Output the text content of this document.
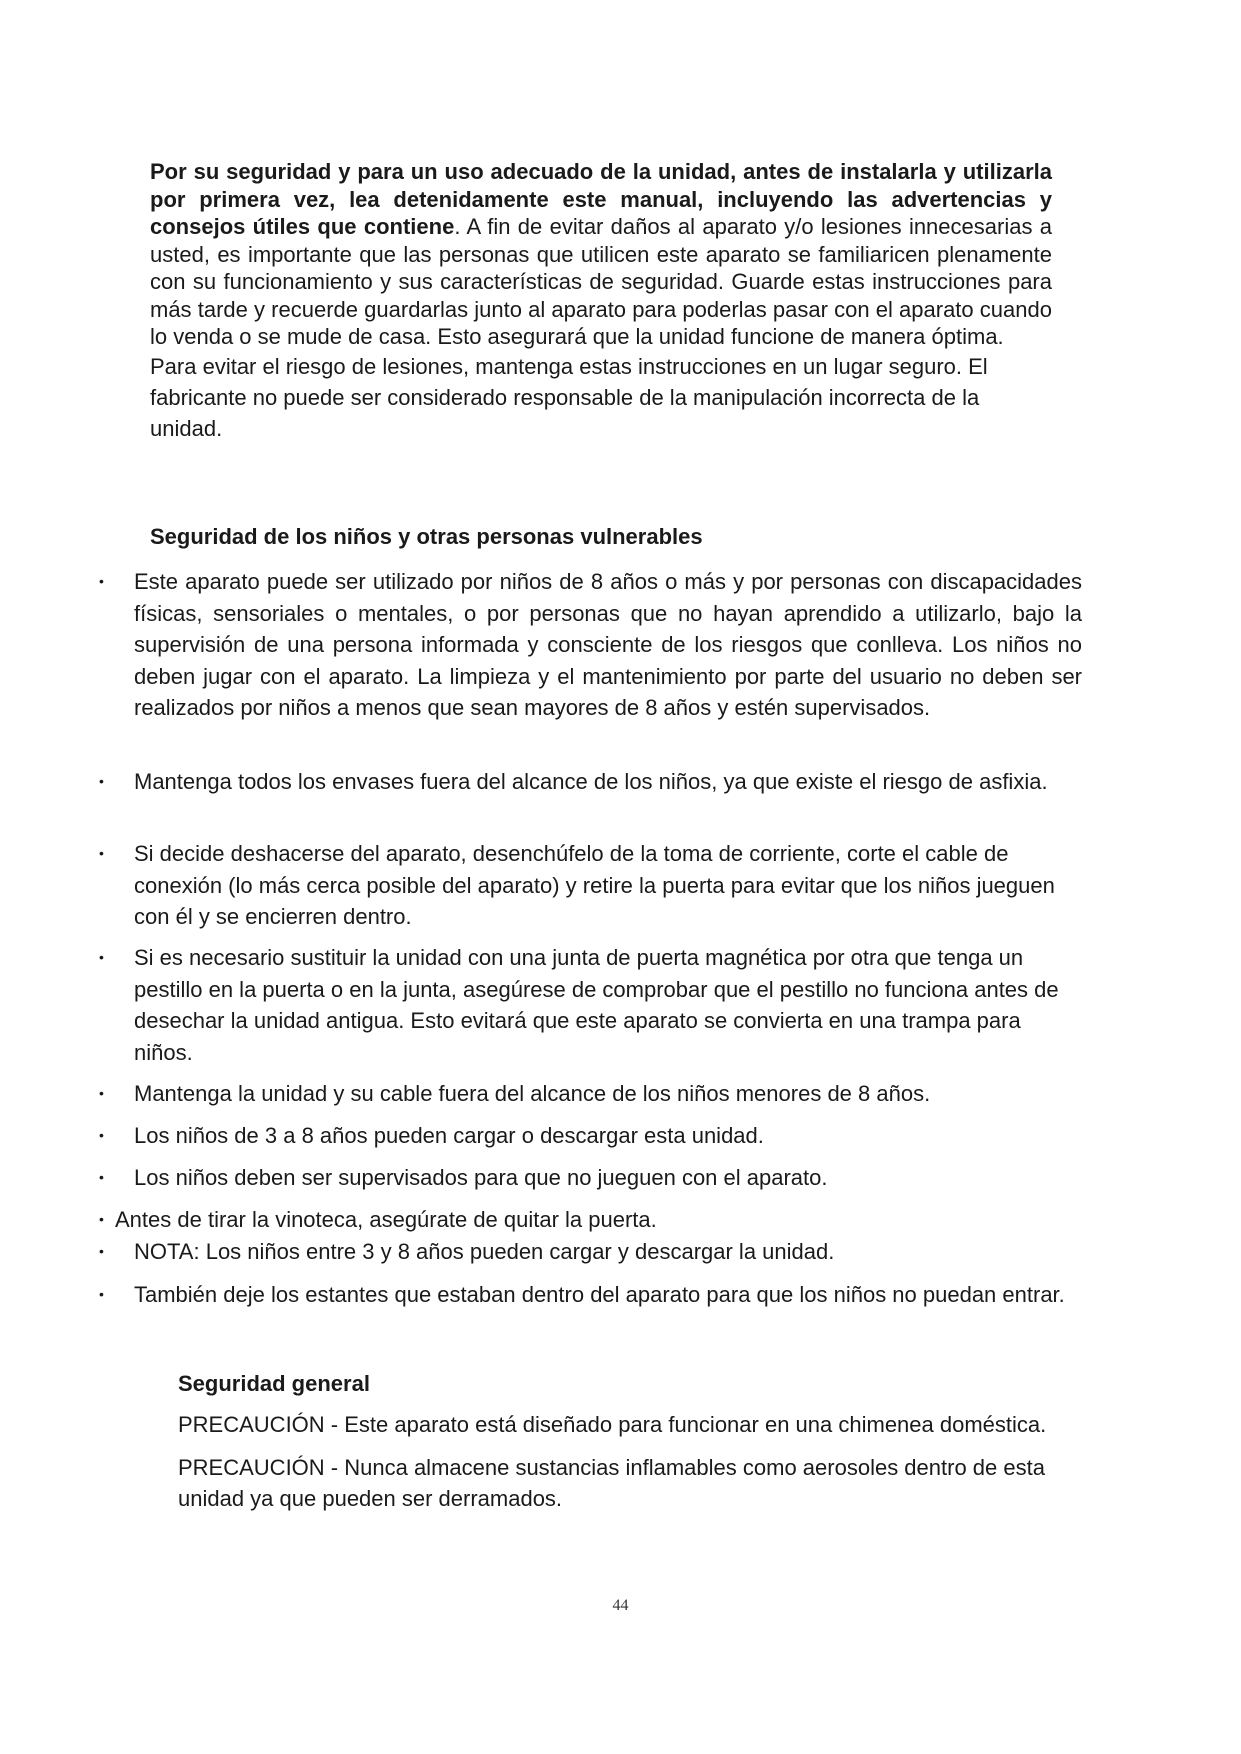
Por su seguridad y para un uso adecuado de la unidad, antes de instalarla y utilizarla por primera vez, lea detenidamente este manual, incluyendo las advertencias y consejos útiles que contiene. A fin de evitar daños al aparato y/o lesiones innecesarias a usted, es importante que las personas que utilicen este aparato se familiaricen plenamente con su funcionamiento y sus características de seguridad. Guarde estas instrucciones para más tarde y recuerde guardarlas junto al aparato para poderlas pasar con el aparato cuando lo venda o se mude de casa. Esto asegurará que la unidad funcione de manera óptima.

Para evitar el riesgo de lesiones, mantenga estas instrucciones en un lugar seguro. El fabricante no puede ser considerado responsable de la manipulación incorrecta de la unidad.

Seguridad de los niños y otras personas vulnerables
• Este aparato puede ser utilizado por niños de 8 años o más y por personas con discapacidades físicas, sensoriales o mentales, o por personas que no hayan aprendido a utilizarlo, bajo la supervisión de una persona informada y consciente de los riesgos que conlleva. Los niños no deben jugar con el aparato. La limpieza y el mantenimiento por parte del usuario no deben ser realizados por niños a menos que sean mayores de 8 años y estén supervisados.
• Mantenga todos los envases fuera del alcance de los niños, ya que existe el riesgo de asfixia.
• Si decide deshacerse del aparato, desenchúfelo de la toma de corriente, corte el cable de conexión (lo más cerca posible del aparato) y retire la puerta para evitar que los niños jueguen con él y se encierren dentro.
• Si es necesario sustituir la unidad con una junta de puerta magnética por otra que tenga un pestillo en la puerta o en la junta, asegúrese de comprobar que el pestillo no funciona antes de desechar la unidad antigua. Esto evitará que este aparato se convierta en una trampa para niños.
• Mantenga la unidad y su cable fuera del alcance de los niños menores de 8 años.
• Los niños de 3 a 8 años pueden cargar o descargar esta unidad.
• Los niños deben ser supervisados para que no jueguen con el aparato.
• Antes de tirar la vinoteca, asegúrate de quitar la puerta.
• NOTA: Los niños entre 3 y 8 años pueden cargar y descargar la unidad.
• También deje los estantes que estaban dentro del aparato para que los niños no puedan entrar.
Seguridad general

PRECAUCIÓN - Este aparato está diseñado para funcionar en una chimenea doméstica.

PRECAUCIÓN - Nunca almacene sustancias inflamables como aerosoles dentro de esta unidad ya que pueden ser derramados.

44
